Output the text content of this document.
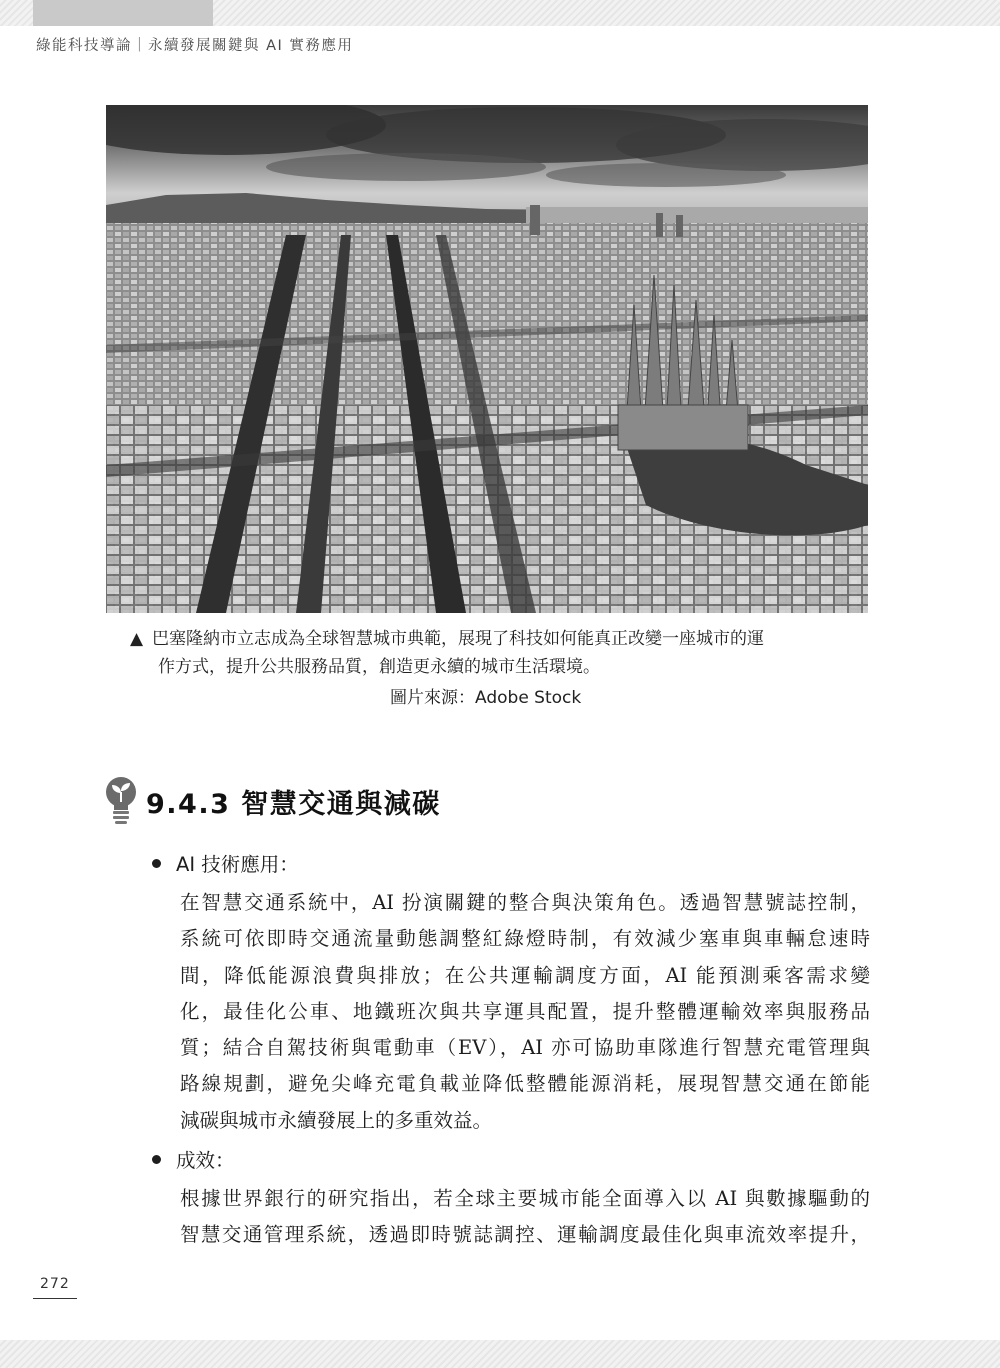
綠能科技導論｜永續發展關鍵與 AI 實務應用
▲ 巴塞隆納市立志成為全球智慧城市典範，展現了科技如何能真正改變一座城市的運
作方式，提升公共服務品質，創造更永續的城市生活環境。
圖片來源：Adobe Stock
9.4.3 智慧交通與減碳
AI 技術應用：
在智慧交通系統中，AI 扮演關鍵的整合與決策角色。透過智慧號誌控制，
系統可依即時交通流量動態調整紅綠燈時制，有效減少塞車與車輛怠速時
間，降低能源浪費與排放；在公共運輸調度方面，AI 能預測乘客需求變
化，最佳化公車、地鐵班次與共享運具配置，提升整體運輸效率與服務品
質；結合自駕技術與電動車（EV），AI 亦可協助車隊進行智慧充電管理與
路線規劃，避免尖峰充電負載並降低整體能源消耗，展現智慧交通在節能
減碳與城市永續發展上的多重效益。
成效：
根據世界銀行的研究指出，若全球主要城市能全面導入以 AI 與數據驅動的
智慧交通管理系統，透過即時號誌調控、運輸調度最佳化與車流效率提升，
272
